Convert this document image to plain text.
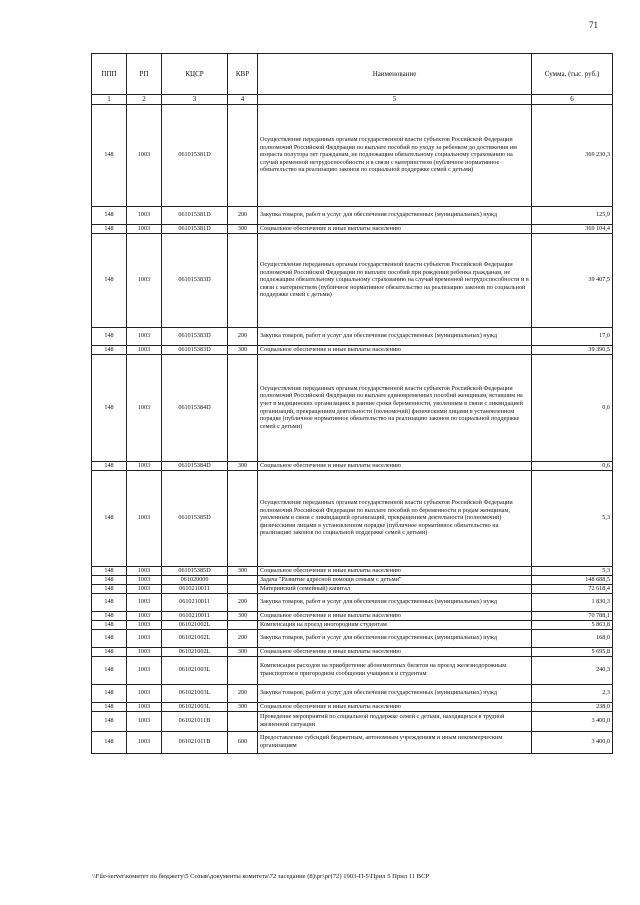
71
ППП	РП	КЦСР	КВР	Наименование	Сумма, (тыс. руб.)
1	2	3	4	5	6
148	1003	061015381D		Осуществление переданных органам государственной власти субъектов Российской Федерации полномочий Российской Федерации по выплате пособий по уходу за ребенком до достижения им возраста полутора лет гражданам, не подлежащим обязательному социальному страхованию на случай временной нетрудоспособности и в связи с материнством (публичное нормативное обязательство на реализацию законов по социальной поддержке семей с детьми)	369 230,3
148	1003	061015381D	200	Закупка товаров, работ и услуг для обеспечения государственных (муниципальных) нужд	125,9
148	1003	061015381D	300	Социальное обеспечение и иные выплаты населению	369 104,4
148	1003	061015383D		Осуществление переданных органам государственной власти субъектов Российской Федерации полномочий Российской Федерации по выплате пособий при рождении ребенка гражданам, не подлежащим обязательному социальному страхованию на случай временной нетрудоспособности и в связи с материнством (публичное нормативное обязательство на реализацию законов по социальной поддержке семей с детьми)	39 407,5
148	1003	061015383D	200	Закупка товаров, работ и услуг для обеспечения государственных (муниципальных) нужд	17,0
148	1003	061015383D	300	Социальное обеспечение и иные выплаты населению	39 390,5
148	1003	061015384D		Осуществление переданных органам государственной власти субъектов Российской Федерации полномочий Российской Федерации по выплате единовременных пособий женщинам, вставшим на учет в медицинских организациях в ранние сроки беременности, уволенным в связи с ликвидацией организаций, прекращением деятельности (полномочий) физическими лицами в установленном порядке (публичное нормативное обязательство на реализацию законов по социальной поддержке семей с детьми)	0,6
148	1003	061015384D	300	Социальное обеспечение и иные выплаты населению	0,6
148	1003	061015385D		Осуществление переданных органам государственной власти субъектов Российской Федерации полномочий Российской Федерации по выплате пособий по беременности и родам женщинам, уволенным в связи с ликвидацией организаций, прекращением деятельности (полномочий) физическими лицами в установленном порядке (публичное нормативное обязательство на реализацию законов по социальной поддержке семей с детьми)	5,3
148	1003	061015385D	300	Социальное обеспечение и иные выплаты населению	5,3
148	1003	061020000		Задача "Развитие адресной помощи семьям с детьми"	148 688,5
148	1003	0610210011		Материнский (семейный) капитал	72 618,4
148	1003	0610210011	200	Закупка товаров, работ и услуг для обеспечения государственных (муниципальных) нужд	1 830,3
148	1003	0610210011	300	Социальное обеспечение и иные выплаты населению	70 788,1
148	1003	061021002L		Компенсация на проезд иногородним студентам	5 863,8
148	1003	061021002L	200	Закупка товаров, работ и услуг для обеспечения государственных (муниципальных) нужд	168,0
148	1003	061021002L	300	Социальное обеспечение и иные выплаты населению	5 695,8
148	1003	061021003L		Компенсация расходов на приобретение абонементных билетов на проезд железнодорожным транспортом в пригородном сообщении учащимся и студентам	240,3
148	1003	061021003L	200	Закупка товаров, работ и услуг для обеспечения государственных (муниципальных) нужд	2,3
148	1003	061021003L	300	Социальное обеспечение и иные выплаты населению	238,0
148	1003	061021011B		Проведение мероприятий по социальной поддержке семей с детьми, находящихся в трудной жизненной ситуации	3 400,0
148	1003	061021011B	600	Предоставление субсидий бюджетным, автономным учреждениям и иным некоммерческим организациям	3 400,0
\\File-server\комитет по бюджету\5 Созыв\документы комитета\72 заседание (8)\рг\рг(72) 1903-П-5\Прил 5 Прил 11 ВСР
